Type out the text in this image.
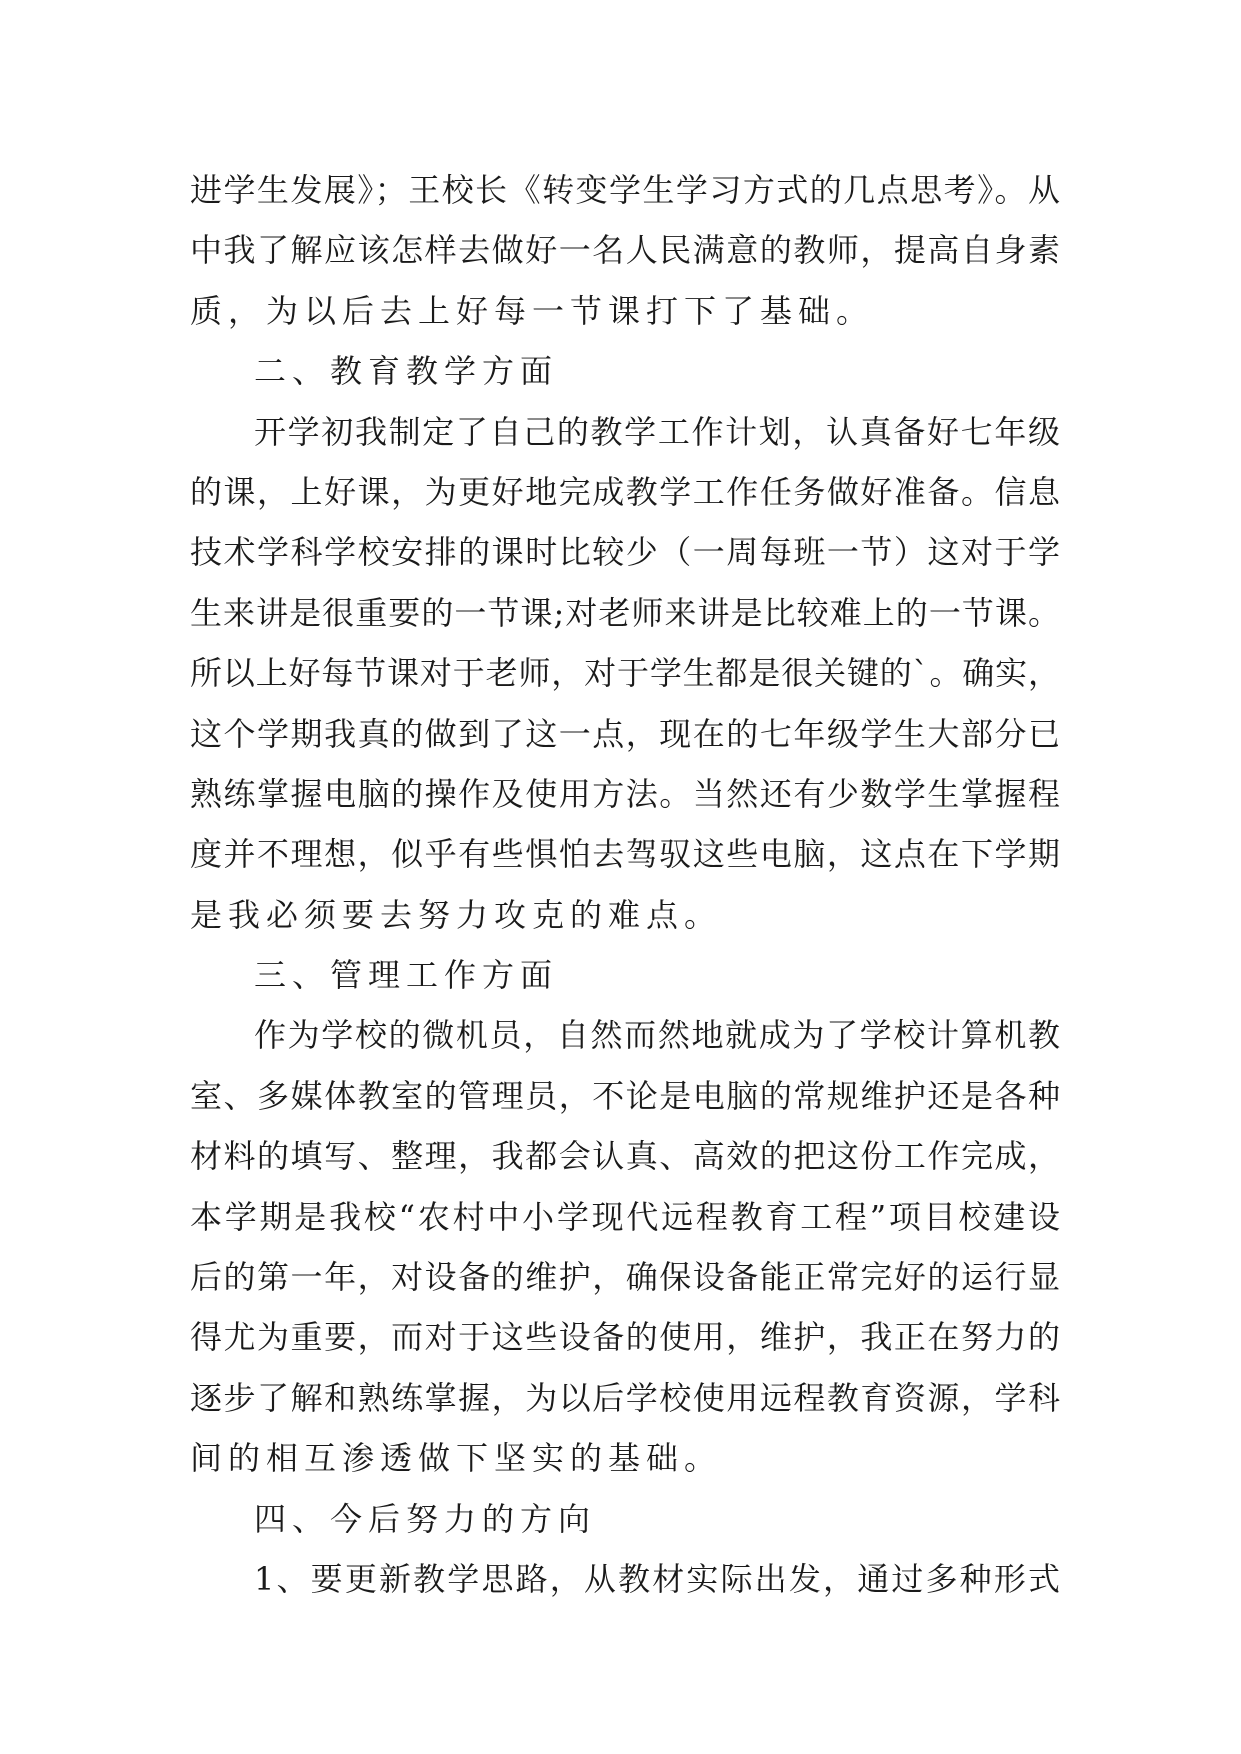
进学生发展》；王校长《转变学生学习方式的几点思考》。从
中我了解应该怎样去做好一名人民满意的教师，提高自身素
质，为以后去上好每一节课打下了基础。
二、教育教学方面
开学初我制定了自己的教学工作计划，认真备好七年级
的课，上好课，为更好地完成教学工作任务做好准备。信息
技术学科学校安排的课时比较少（一周每班一节）这对于学
生来讲是很重要的一节课;对老师来讲是比较难上的一节课。
所以上好每节课对于老师，对于学生都是很关键的`。确实，
这个学期我真的做到了这一点，现在的七年级学生大部分已
熟练掌握电脑的操作及使用方法。当然还有少数学生掌握程
度并不理想，似乎有些惧怕去驾驭这些电脑，这点在下学期
是我必须要去努力攻克的难点。
三、管理工作方面
作为学校的微机员，自然而然地就成为了学校计算机教
室、多媒体教室的管理员，不论是电脑的常规维护还是各种
材料的填写、整理，我都会认真、高效的把这份工作完成，
本学期是我校“农村中小学现代远程教育工程”项目校建设
后的第一年，对设备的维护，确保设备能正常完好的运行显
得尤为重要，而对于这些设备的使用，维护，我正在努力的
逐步了解和熟练掌握，为以后学校使用远程教育资源，学科
间的相互渗透做下坚实的基础。
四、今后努力的方向
1、要更新教学思路，从教材实际出发，通过多种形式
